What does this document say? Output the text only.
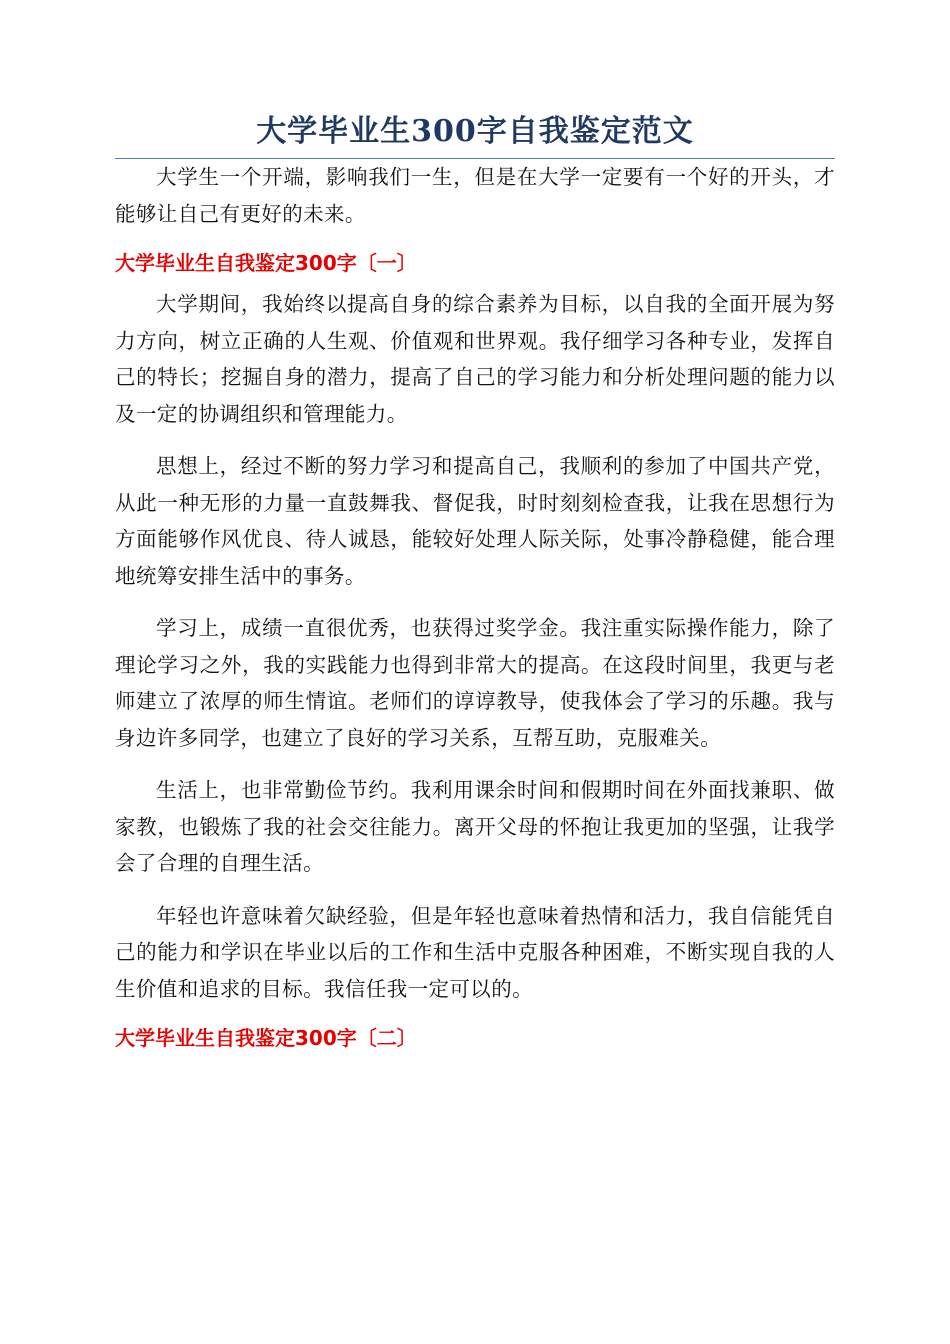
大学毕业生300字自我鉴定范文

大学生一个开端，影响我们一生，但是在大学一定要有一个好的开头，才能够让自己有更好的未来。

大学毕业生自我鉴定300字〔一〕

大学期间，我始终以提高自身的综合素养为目标，以自我的全面开展为努力方向，树立正确的人生观、价值观和世界观。我仔细学习各种专业，发挥自己的特长；挖掘自身的潜力，提高了自己的学习能力和分析处理问题的能力以及一定的协调组织和管理能力。

思想上，经过不断的努力学习和提高自己，我顺利的参加了中国共产党，从此一种无形的力量一直鼓舞我、督促我，时时刻刻检查我，让我在思想行为方面能够作风优良、待人诚恳，能较好处理人际关际，处事冷静稳健，能合理地统筹安排生活中的事务。

学习上，成绩一直很优秀，也获得过奖学金。我注重实际操作能力，除了理论学习之外，我的实践能力也得到非常大的提高。在这段时间里，我更与老师建立了浓厚的师生情谊。老师们的谆谆教导，使我体会了学习的乐趣。我与身边许多同学，也建立了良好的学习关系，互帮互助，克服难关。

生活上，也非常勤俭节约。我利用课余时间和假期时间在外面找兼职、做家教，也锻炼了我的社会交往能力。离开父母的怀抱让我更加的坚强，让我学会了合理的自理生活。

年轻也许意味着欠缺经验，但是年轻也意味着热情和活力，我自信能凭自己的能力和学识在毕业以后的工作和生活中克服各种困难，不断实现自我的人生价值和追求的目标。我信任我一定可以的。

大学毕业生自我鉴定300字〔二〕
